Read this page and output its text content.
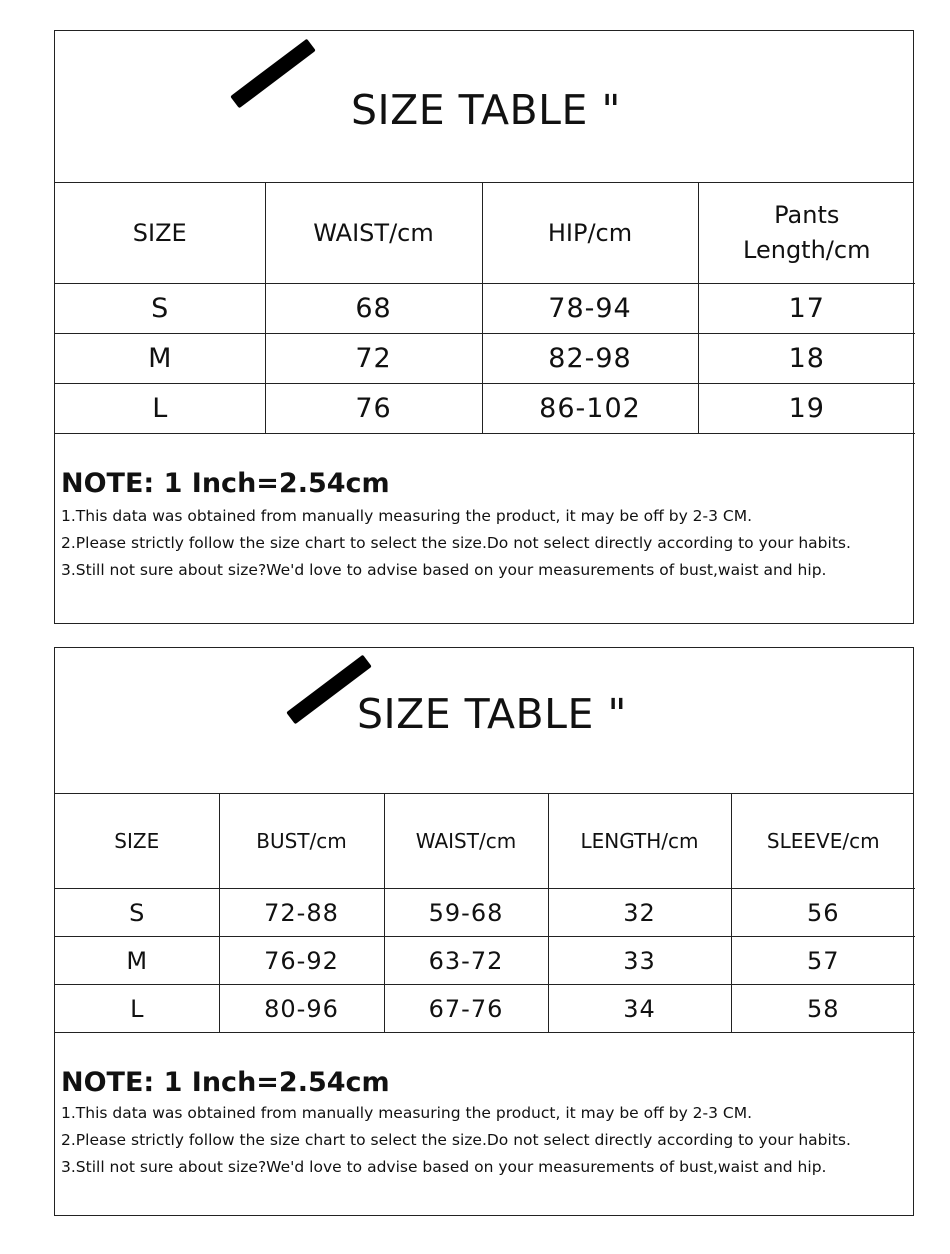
SIZE TABLE "
SIZE	WAIST/cm	HIP/cm	Pants
Length/cm
S	68	78-94	17
M	72	82-98	18
L	76	86-102	19

NOTE: 1 Inch=2.54cm

1.This data was obtained from manually measuring the product, it may be off by 2-3 CM.
2.Please strictly follow the size chart to select the size.Do not select directly according to your habits.
3.Still not sure about size?We'd love to advise based on your measurements of bust,waist and hip.
SIZE TABLE "
SIZE	BUST/cm	WAIST/cm	LENGTH/cm	SLEEVE/cm
S	72-88	59-68	32	56
M	76-92	63-72	33	57
L	80-96	67-76	34	58

NOTE: 1 Inch=2.54cm

1.This data was obtained from manually measuring the product, it may be off by 2-3 CM.
2.Please strictly follow the size chart to select the size.Do not select directly according to your habits.
3.Still not sure about size?We'd love to advise based on your measurements of bust,waist and hip.
